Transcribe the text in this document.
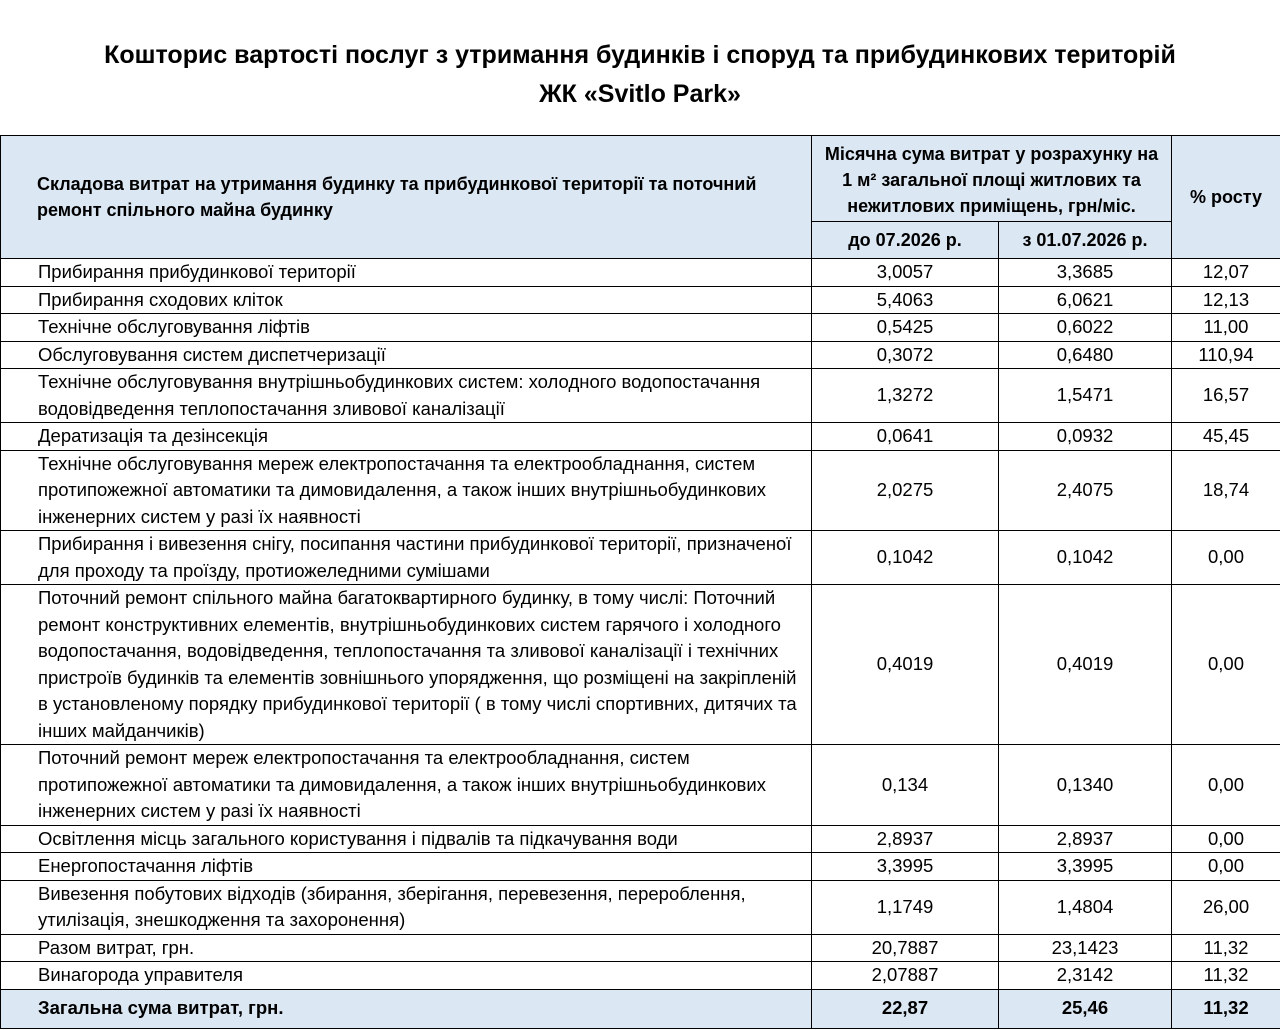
Кошторис вартості послуг з утримання будинків і споруд та прибудинкових територій
ЖК «Svitlo Park»
Складова витрат на утримання будинку та прибудинкової території та поточний ремонт спільного майна будинку	Місячна сума витрат у розрахунку на 1 м² загальної площі житлових та нежитлових приміщень, грн/міс.		% росту
	до 07.2026 р.	з 01.07.2026 р.	
Прибирання прибудинкової території	3,0057	3,3685	12,07
Прибирання сходових кліток	5,4063	6,0621	12,13
Технічне обслуговування ліфтів	0,5425	0,6022	11,00
Обслуговування систем диспетчеризації	0,3072	0,6480	110,94
Технічне обслуговування внутрішньобудинкових систем: холодного водопостачання водовідведення теплопостачання зливової каналізації	1,3272	1,5471	16,57
Дератизація та дезінсекція	0,0641	0,0932	45,45
Технічне обслуговування мереж електропостачання та електрообладнання, систем протипожежної автоматики та димовидалення, а також інших внутрішньобудинкових інженерних систем у разі їх наявності	2,0275	2,4075	18,74
Прибирання і вивезення снігу, посипання частини прибудинкової території, призначеної для проходу та проїзду, протиожеледними сумішами	0,1042	0,1042	0,00
Поточний ремонт спільного майна багатоквартирного будинку, в тому числі: Поточний ремонт конструктивних елементів, внутрішньобудинкових систем гарячого і холодного водопостачання, водовідведення, теплопостачання та зливової каналізації і технічних пристроїв будинків та елементів зовнішнього упорядження, що розміщені на закріпленій в установленому порядку прибудинкової території ( в тому числі спортивних, дитячих та інших майданчиків)	0,4019	0,4019	0,00
Поточний ремонт мереж електропостачання та електрообладнання, систем протипожежної автоматики та димовидалення, а також інших внутрішньобудинкових інженерних систем у разі їх наявності	0,134	0,1340	0,00
Освітлення місць загального користування і підвалів та підкачування води	2,8937	2,8937	0,00
Енергопостачання ліфтів	3,3995	3,3995	0,00
Вивезення побутових відходів (збирання, зберігання, перевезення, перероблення, утилізація, знешкодження та захоронення)	1,1749	1,4804	26,00
Разом витрат, грн.	20,7887	23,1423	11,32
Винагорода управителя	2,07887	2,3142	11,32
Загальна сума витрат, грн.	22,87	25,46	11,32
